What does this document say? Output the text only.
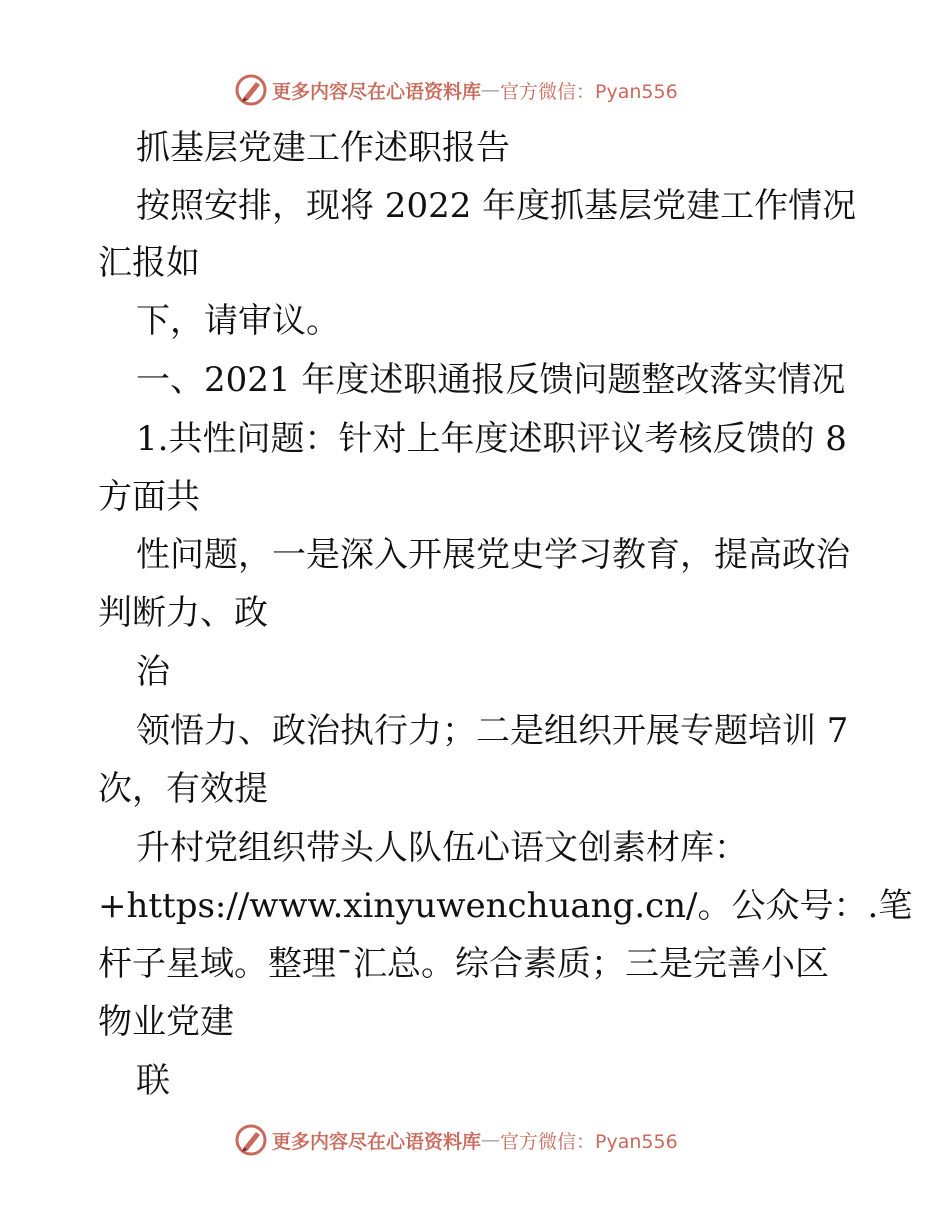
更多内容尽在心语资料库 — 官方微信：Pyan556
抓基层党建工作述职报告
按照安排，现将 2022 年度抓基层党建工作情况
汇报如
下，请审议。
一、2021 年度述职通报反馈问题整改落实情况
1.共性问题：针对上年度述职评议考核反馈的 8
方面共
性问题，一是深入开展党史学习教育，提高政治
判断力、政
治
领悟力、政治执行力；二是组织开展专题培训 7
次，有效提
升村党组织带头人队伍心语文创素材库：
+https://www.xinyuwenchuang.cn/。公众号：.笔
杆子星域。整理¯汇总。综合素质；三是完善小区
物业党建
联
更多内容尽在心语资料库 — 官方微信：Pyan556
